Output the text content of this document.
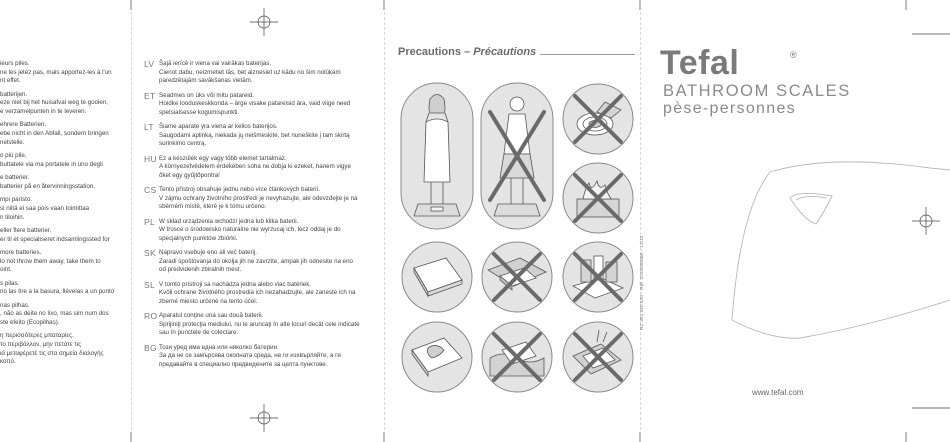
ieurs piles.
ne les jetez pas, mais apportez-les à l'un
nt effet.
batterijen.
eze niet bij het huisafval weg te gooien,
e verzamelpunten in te leveren.
ehrere Batterien.
ebe nicht in den Abfall, sondern bringen
nelstelle.
o più pile.
buttatele via ma portatele in uno degli
e batterier.
batterier på en återvinningsstation.
mpi paristo.
si niitä ei saa pois vaan toimittaa
n tiloihin.
eller flere batterier.
er til et specialiseret indsamlingssted for
more batteries.
lo not throw them away, take them to
oint.
s pilas.
no las tire a la basura, llévelas a un punto
nas pilhas.
, não as deite no lixo, mas sim num dos
ste efeito (Ecopilhas).
η περισσότερες μπαταρίες.
το περιβάλλον, μην πετάτε τις
ιά μεταφέρετέ τις στα σημεία διαλογής
κοπό.
LV Šajā ierīcē ir viena vai vairākas baterijas.
Cienot dabu, neizmetiet tās, bet aiznesiet uz kādu no šim nolūkam
paredzētajām savākšanas vietām.
ET Seadmes on üks või mitu patareid.
Hoidke looduskeskkonda – ärge visake patareisid ära, vaid viige need
spetsialsesse kogumispunkti.
LT Šiame aparate yra viena ar kelios baterijos.
Saugodami aplinką, niekada jų neišmeskite, bet nuneškite į tam skirtą
surinkimo centrą.
HU Ez a készülék egy vagy több elemet tartalmaz.
A környezetvédelem érdekében soha ne dobja ki ezeket, hanem vigye
őket egy gyűjtőpontra!
CS Tento přístroj obsahuje jednu nebo více článkových baterií.
V zájmu ochrany životního prostředí je nevyhazujte, ale odevzdejte je na
sběrném místě, které je k tomu určeno.
PL W skład urządzenia wchodzi jedna lub kilka baterii.
W trosce o środowisko naturalne nie wyrzucaj ich, lecz oddaj je do
specjalnych punktów zbiórki.
SK Napravo vsebuje eno ali več baterij.
Zaradi spoštovanja do okolja jih ne zavrzite, ampak jih odnesite na eno
od predvidenih zbiralnih mest.
SL V tomto prístroji sa nachádza jedna alebo viac batériek.
Kvôli ochrane životného prostredia ich nezahadzujte, ale zaneste ich na
zberné miesto určené na tento účel.
RO Aparatul conţine una sau două baterii.
Sprijiniţi protecţia mediului, nu le aruncaţi în alte locuri decât cele indicate
sau în punctele de colectare.
BG Този уред има една или няколко батерии.
За да не се замърсява околната среда, не ги изхвърляйте, а ги
предавайте в специално предвидените за целта пунктове.
Precautions – Précautions	Tefal	®
BATHROOM SCALES
pèse-personnes
RC 301 520 920 – Ref. 2015900668 – 12/10
www.tefal.com
